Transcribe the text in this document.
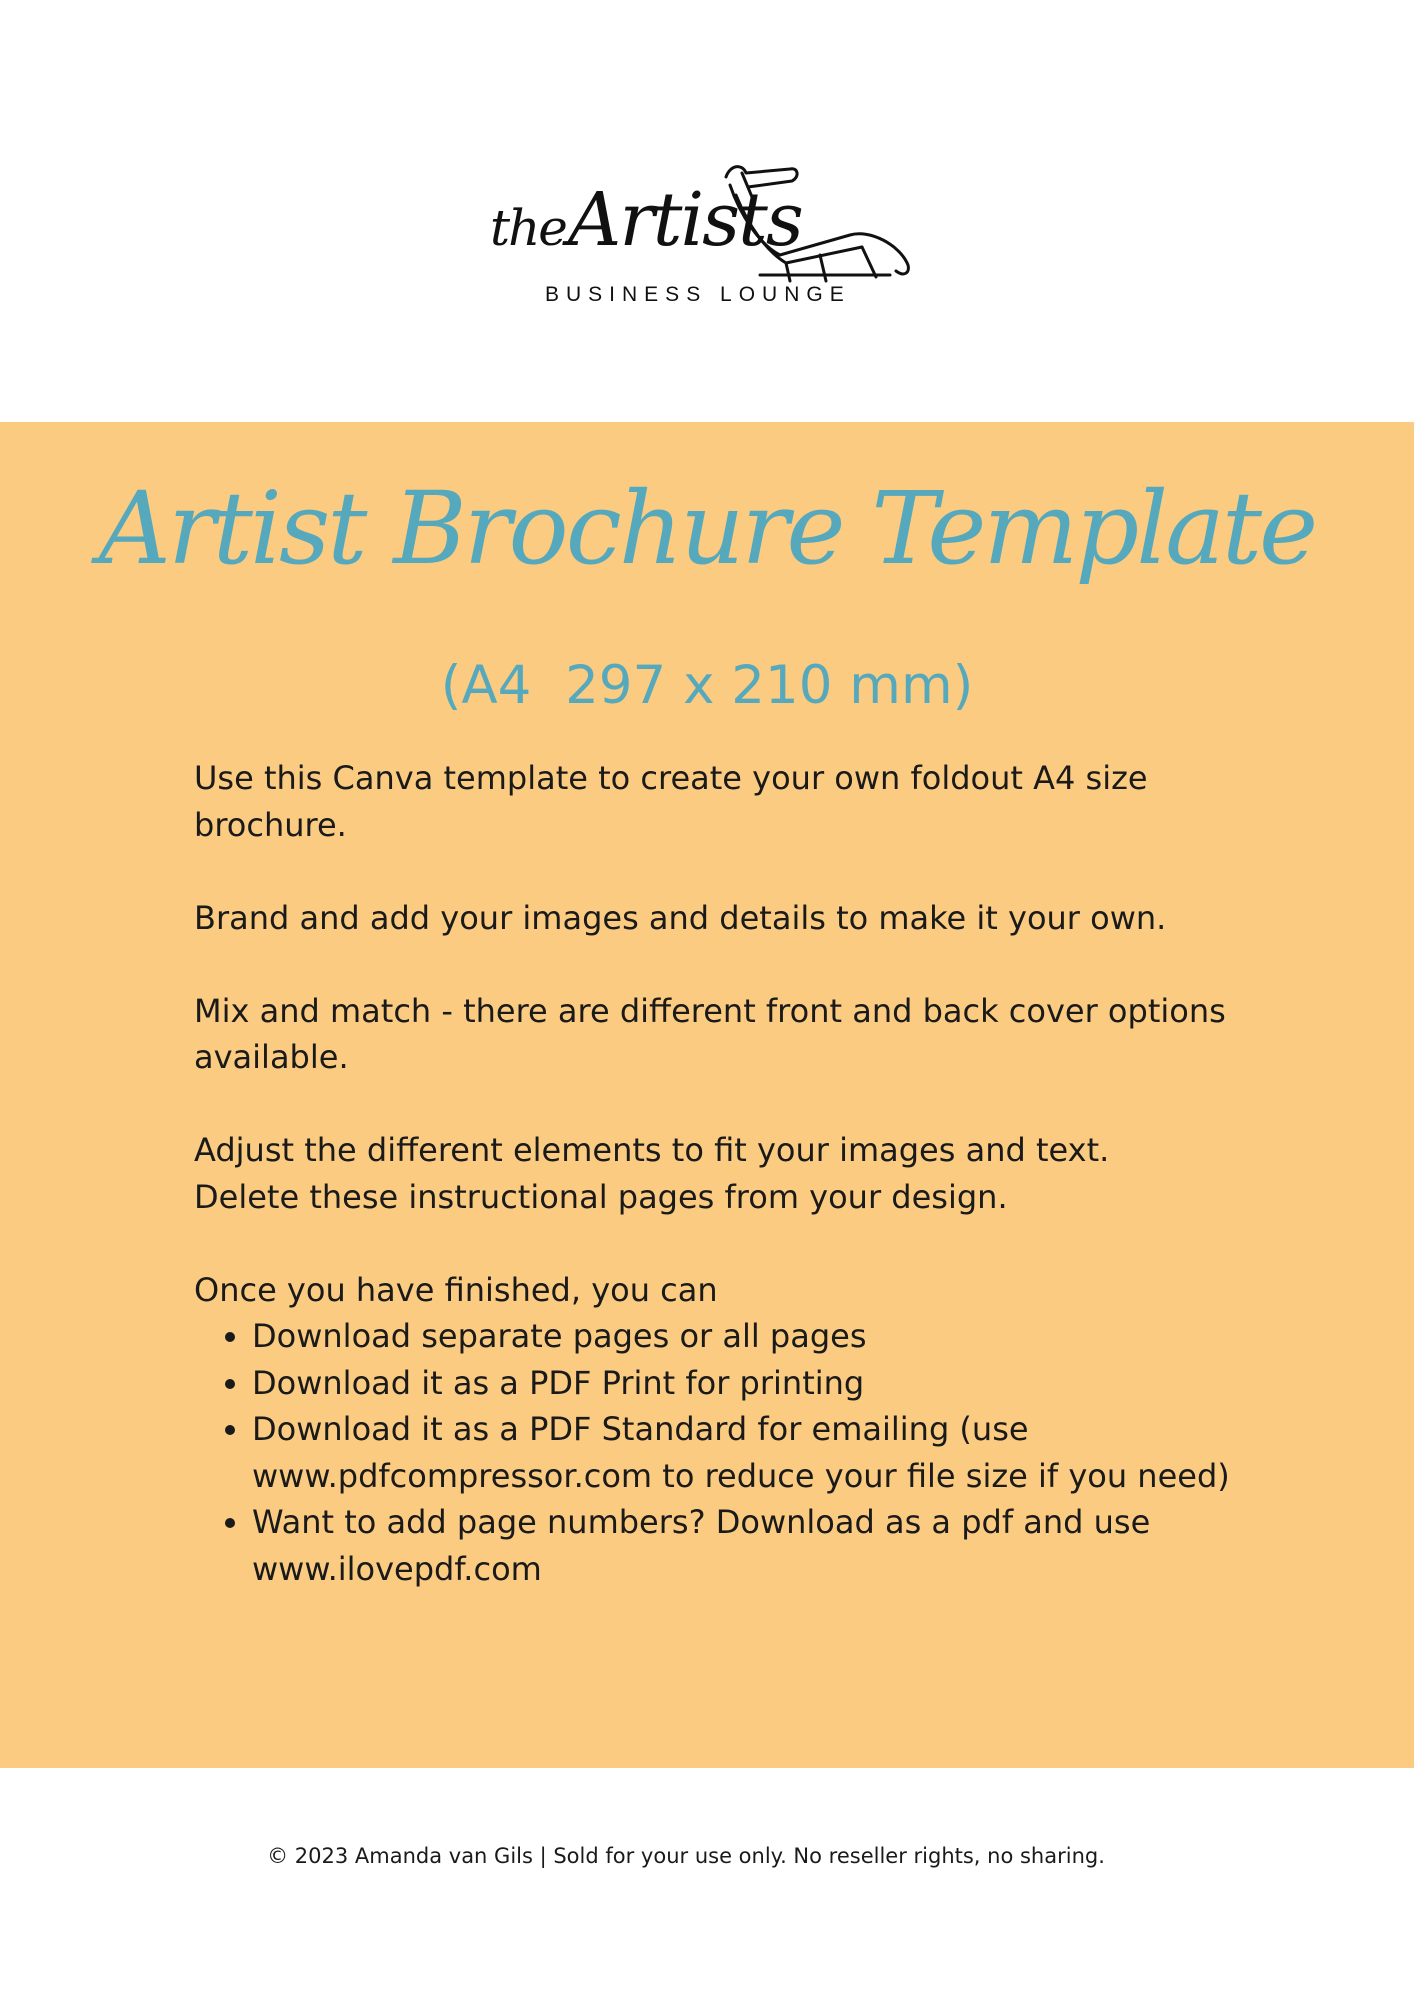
theArtists
BUSINESS LOUNGE
Artist Brochure Template
(A4  297 x 210 mm)

Use this Canva template to create your own foldout A4 size brochure.

Brand and add your images and details to make it your own.

Mix and match - there are different front and back cover options available.

Adjust the different elements to fit your images and text.

Delete these instructional pages from your design.

Once you have finished, you can

• Download separate pages or all pages
• Download it as a PDF Print for printing
• Download it as a PDF Standard for emailing (use www.pdfcompressor.com to reduce your file size if you need)
• Want to add page numbers? Download as a pdf and use www.ilovepdf.com
© 2023 Amanda van Gils | Sold for your use only. No reseller rights, no sharing.
